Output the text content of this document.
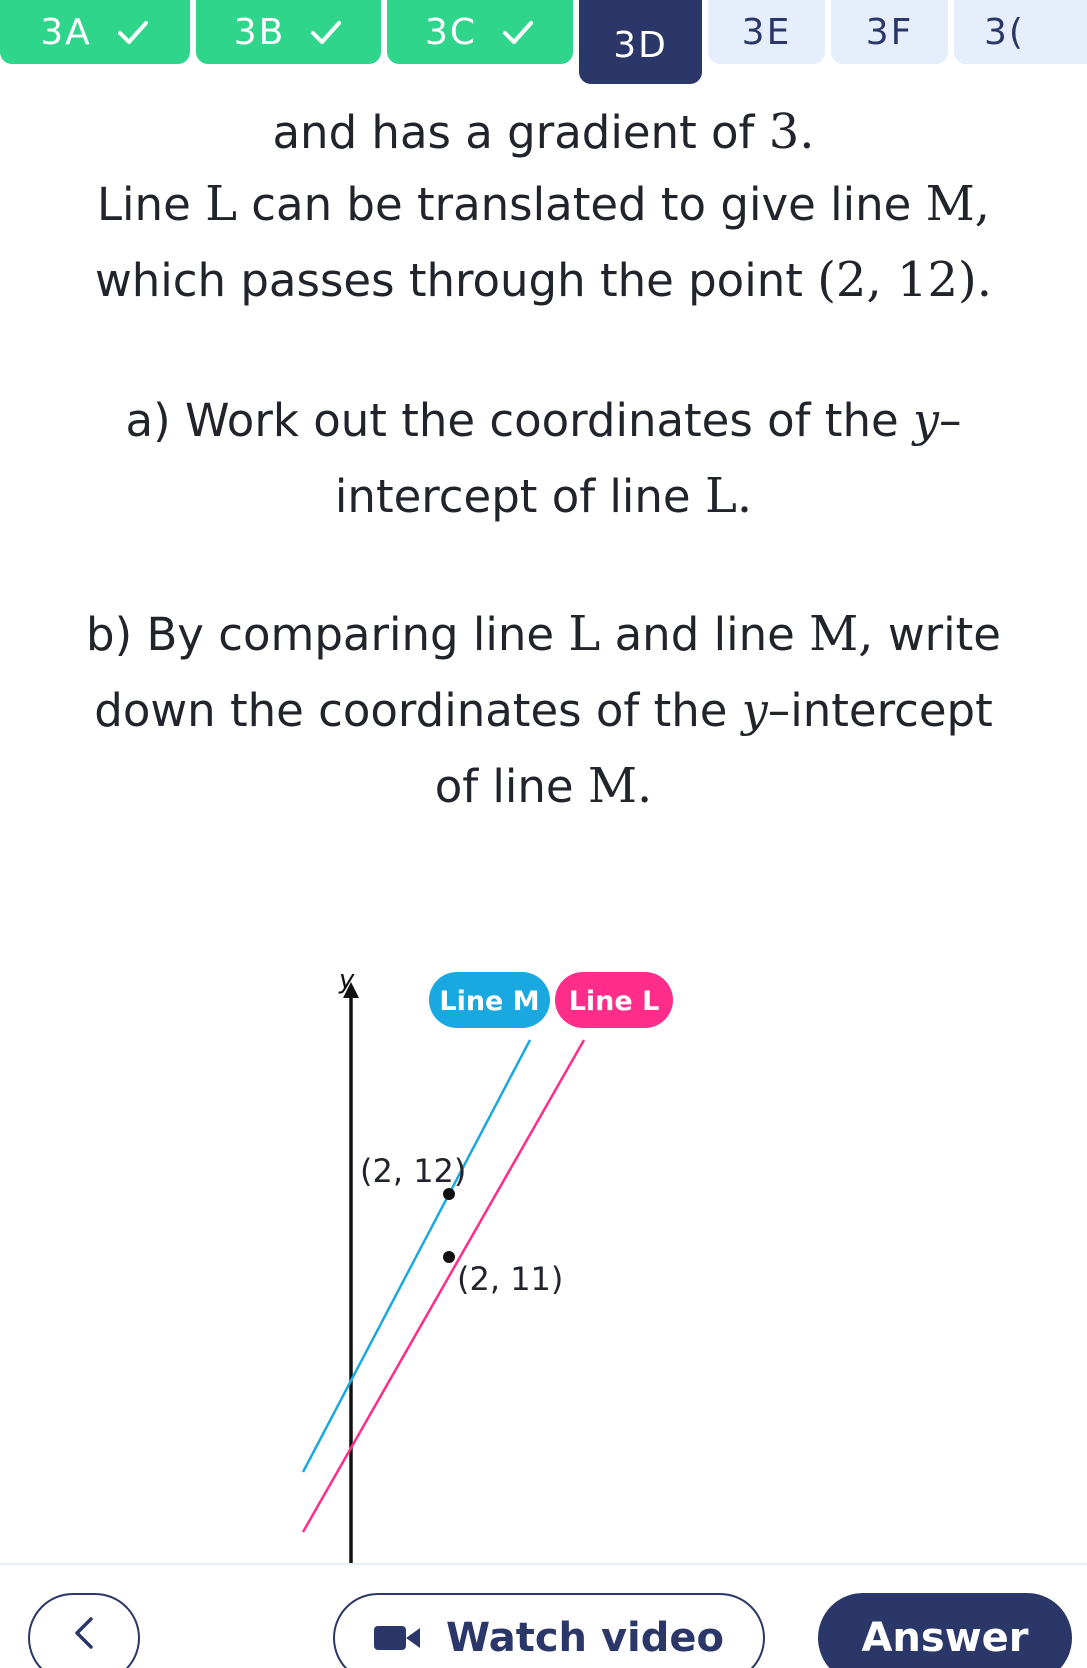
3A	3B	3C	3D 3E 3F 3(
and has a gradient of 3.
Line L can be translated to give line M,
which passes through the point (2, 12).
a) Work out the coordinates of the y–
intercept of line L.
b) By comparing line L and line M, write
down the coordinates of the y–intercept
of line M.
y
(2, 12)
(2, 11)
Line M Line L
Watch video	Answer
